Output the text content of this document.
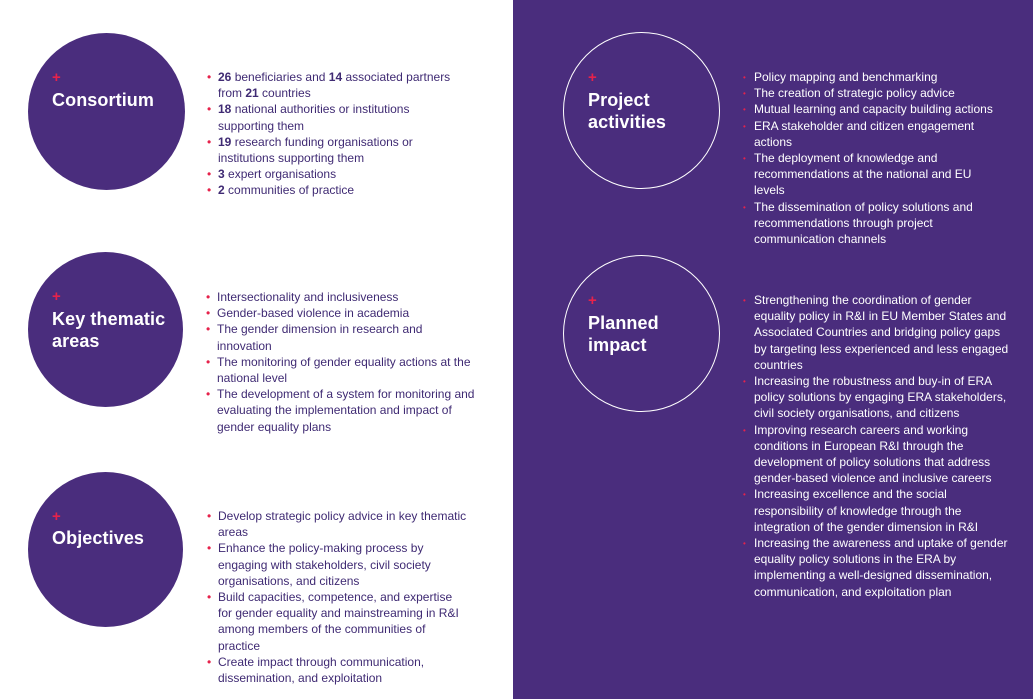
+
Consortium
• 26 beneficiaries and 14 associated partners from 21 countries
• 18 national authorities or institutions supporting them
• 19 research funding organisations or institutions supporting them
• 3 expert organisations
• 2 communities of practice
+
Key thematic
areas
• Intersectionality and inclusiveness
• Gender-based violence in academia
• The gender dimension in research and innovation
• The monitoring of gender equality actions at the national level
• The development of a system for monitoring and evaluating the implementation and impact of gender equality plans
+
Objectives
• Develop strategic policy advice in key thematic areas
• Enhance the policy-making process by engaging with stakeholders, civil society organisations, and citizens
• Build capacities, competence, and expertise for gender equality and mainstreaming in R&I among members of the communities of practice
• Create impact through communication, dissemination, and exploitation
+
Project
activities
• Policy mapping and benchmarking
• The creation of strategic policy advice
• Mutual learning and capacity building actions
• ERA stakeholder and citizen engagement actions
• The deployment of knowledge and recommendations at the national and EU levels
• The dissemination of policy solutions and recommendations through project communication channels
+
Planned
impact
• Strengthening the coordination of gender equality policy in R&I in EU Member States and Associated Countries and bridging policy gaps by targeting less experienced and less engaged countries
• Increasing the robustness and buy-in of ERA policy solutions by engaging ERA stakeholders, civil society organisations, and citizens
• Improving research careers and working conditions in European R&I through the development of policy solutions that address gender-based violence and inclusive careers
• Increasing excellence and the social responsibility of knowledge through the integration of the gender dimension in R&I
• Increasing the awareness and uptake of gender equality policy solutions in the ERA by implementing a well-designed dissemination, communication, and exploitation plan
